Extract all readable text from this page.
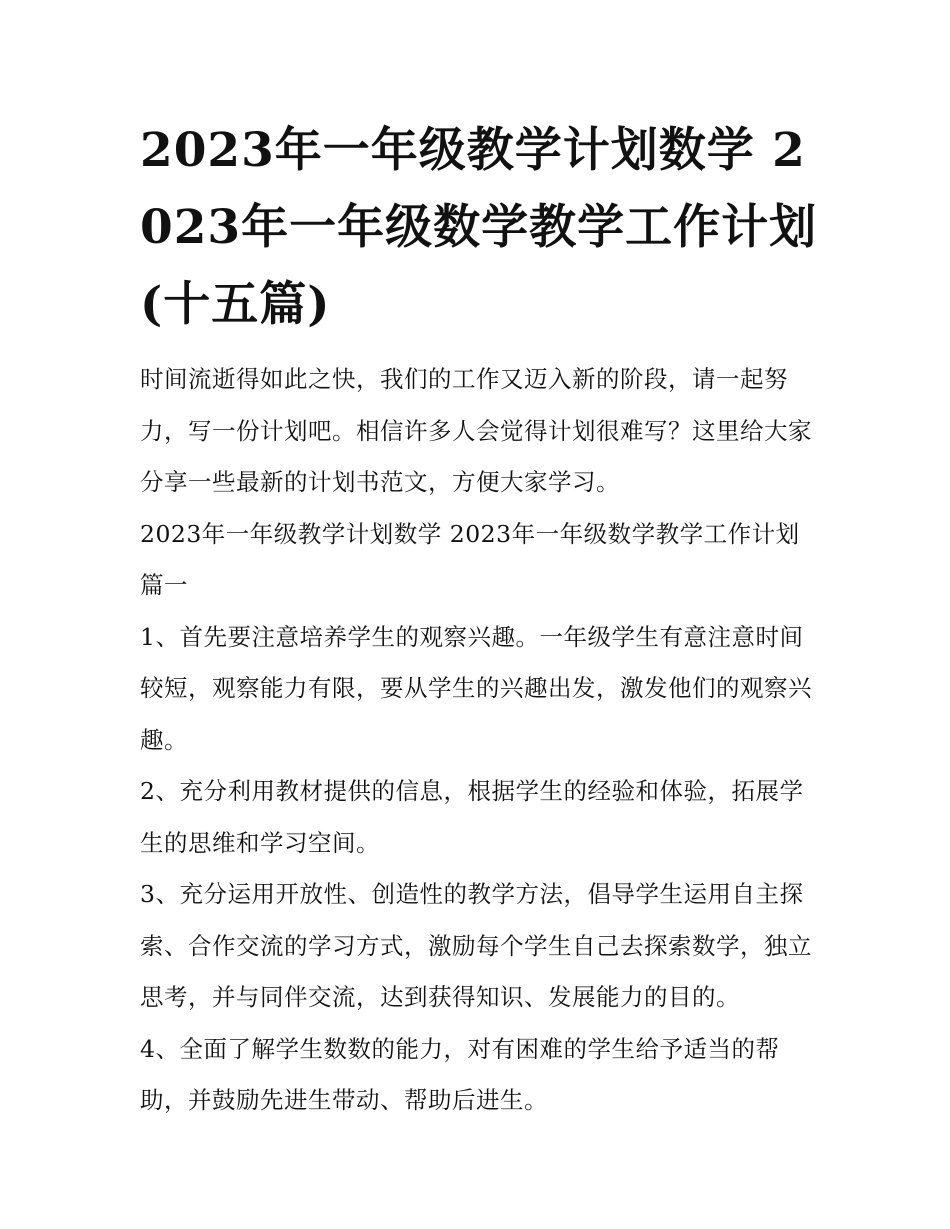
2023年一年级教学计划数学 2023年一年级数学教学工作计划(十五篇)

时间流逝得如此之快，我们的工作又迈入新的阶段，请一起努力，写一份计划吧。相信许多人会觉得计划很难写？这里给大家分享一些最新的计划书范文，方便大家学习。

2023年一年级教学计划数学 2023年一年级数学教学工作计划篇一

1、首先要注意培养学生的观察兴趣。一年级学生有意注意时间较短，观察能力有限，要从学生的兴趣出发，激发他们的观察兴趣。

2、充分利用教材提供的信息，根据学生的经验和体验，拓展学生的思维和学习空间。

3、充分运用开放性、创造性的教学方法，倡导学生运用自主探索、合作交流的学习方式，激励每个学生自己去探索数学，独立思考，并与同伴交流，达到获得知识、发展能力的目的。

4、全面了解学生数数的能力，对有困难的学生给予适当的帮助，并鼓励先进生带动、帮助后进生。
